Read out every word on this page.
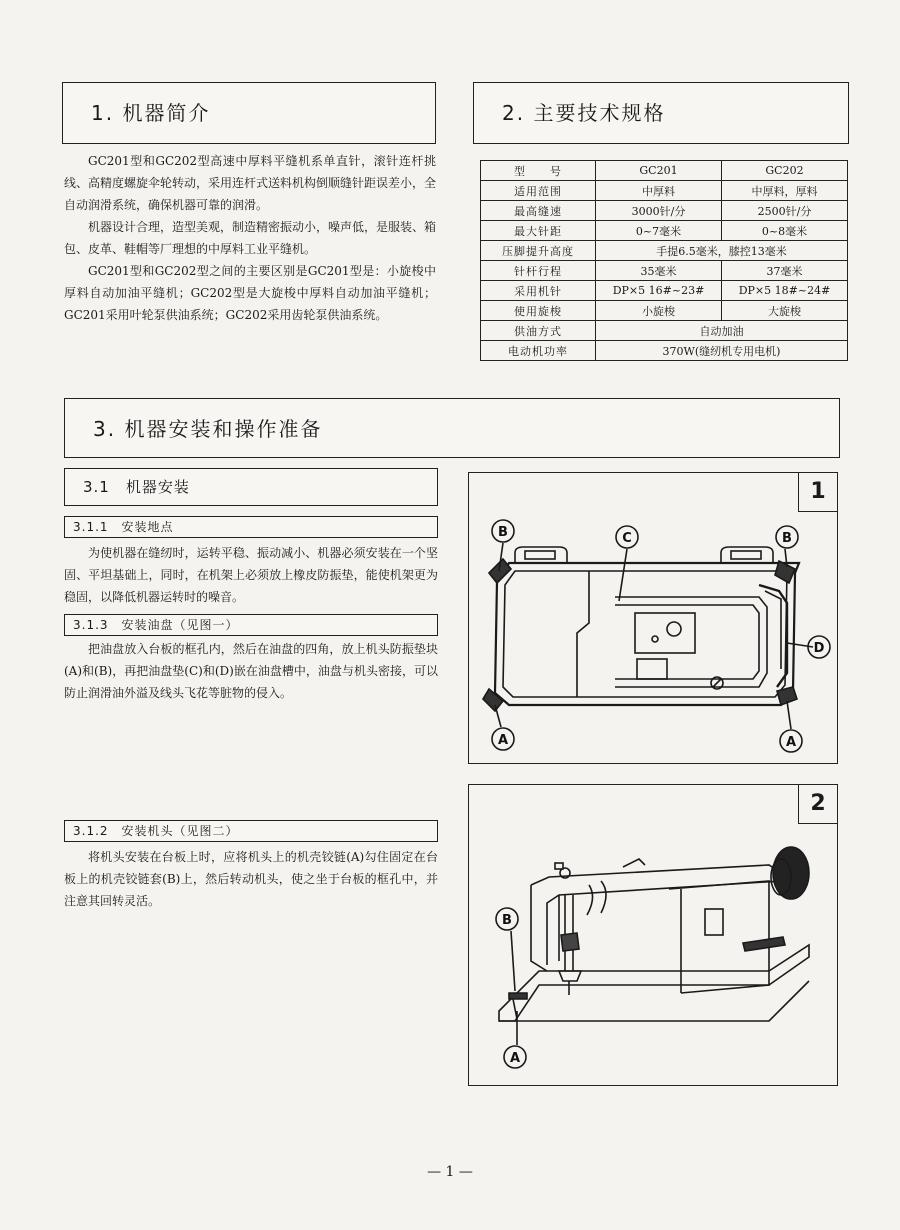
1. 机器简介	2. 主要技术规格

GC201型和GC202型高速中厚料平缝机系单直针，滚针连杆挑线、高精度螺旋伞轮转动，采用连杆式送料机构倒顺缝针距误差小，全自动润滑系统，确保机器可靠的润滑。

机器设计合理，造型美观，制造精密振动小，噪声低，是服装、箱包、皮革、鞋帽等厂理想的中厚料工业平缝机。

GC201型和GC202型之间的主要区别是GC201型是：小旋梭中厚料自动加油平缝机；GC202型是大旋梭中厚料自动加油平缝机；GC201采用叶轮泵供油系统；GC202采用齿轮泵供油系统。

型　　号	GC201	GC202
适用范围	中厚料	中厚料，厚料
最高缝速	3000针/分	2500针/分
最大针距	0~7毫米	0~8毫米
压脚提升高度	手提6.5毫米，膝控13毫米	
针杆行程	35毫米	37毫米
采用机针	DP×5 16#~23#	DP×5 18#~24#
使用旋梭	小旋梭	大旋梭
供油方式	自动加油	
电动机功率	370W(缝纫机专用电机)	
3. 机器安装和操作准备
3.1　机器安装
3.1.1　安装地点

为使机器在缝纫时，运转平稳、振动减小、机器必须安装在一个坚固、平坦基础上，同时，在机架上必须放上橡皮防振垫，能使机架更为稳固，以降低机器运转时的噪音。

3.1.3　安装油盘（见图一）

把油盘放入台板的框孔内，然后在油盘的四角，放上机头防振垫块(A)和(B)，再把油盘垫(C)和(D)嵌在油盘槽中，油盘与机头密接，可以防止润滑油外溢及线头飞花等脏物的侵入。

3.1.2　安装机头（见图二）

将机头安装在台板上时，应将机头上的机壳铰链(A)勾住固定在台板上的机壳铰链套(B)上，然后转动机头，使之坐于台板的框孔中，并注意其回转灵活。

1
B	B
C
D
A	A
2
B
A
— 1 —
